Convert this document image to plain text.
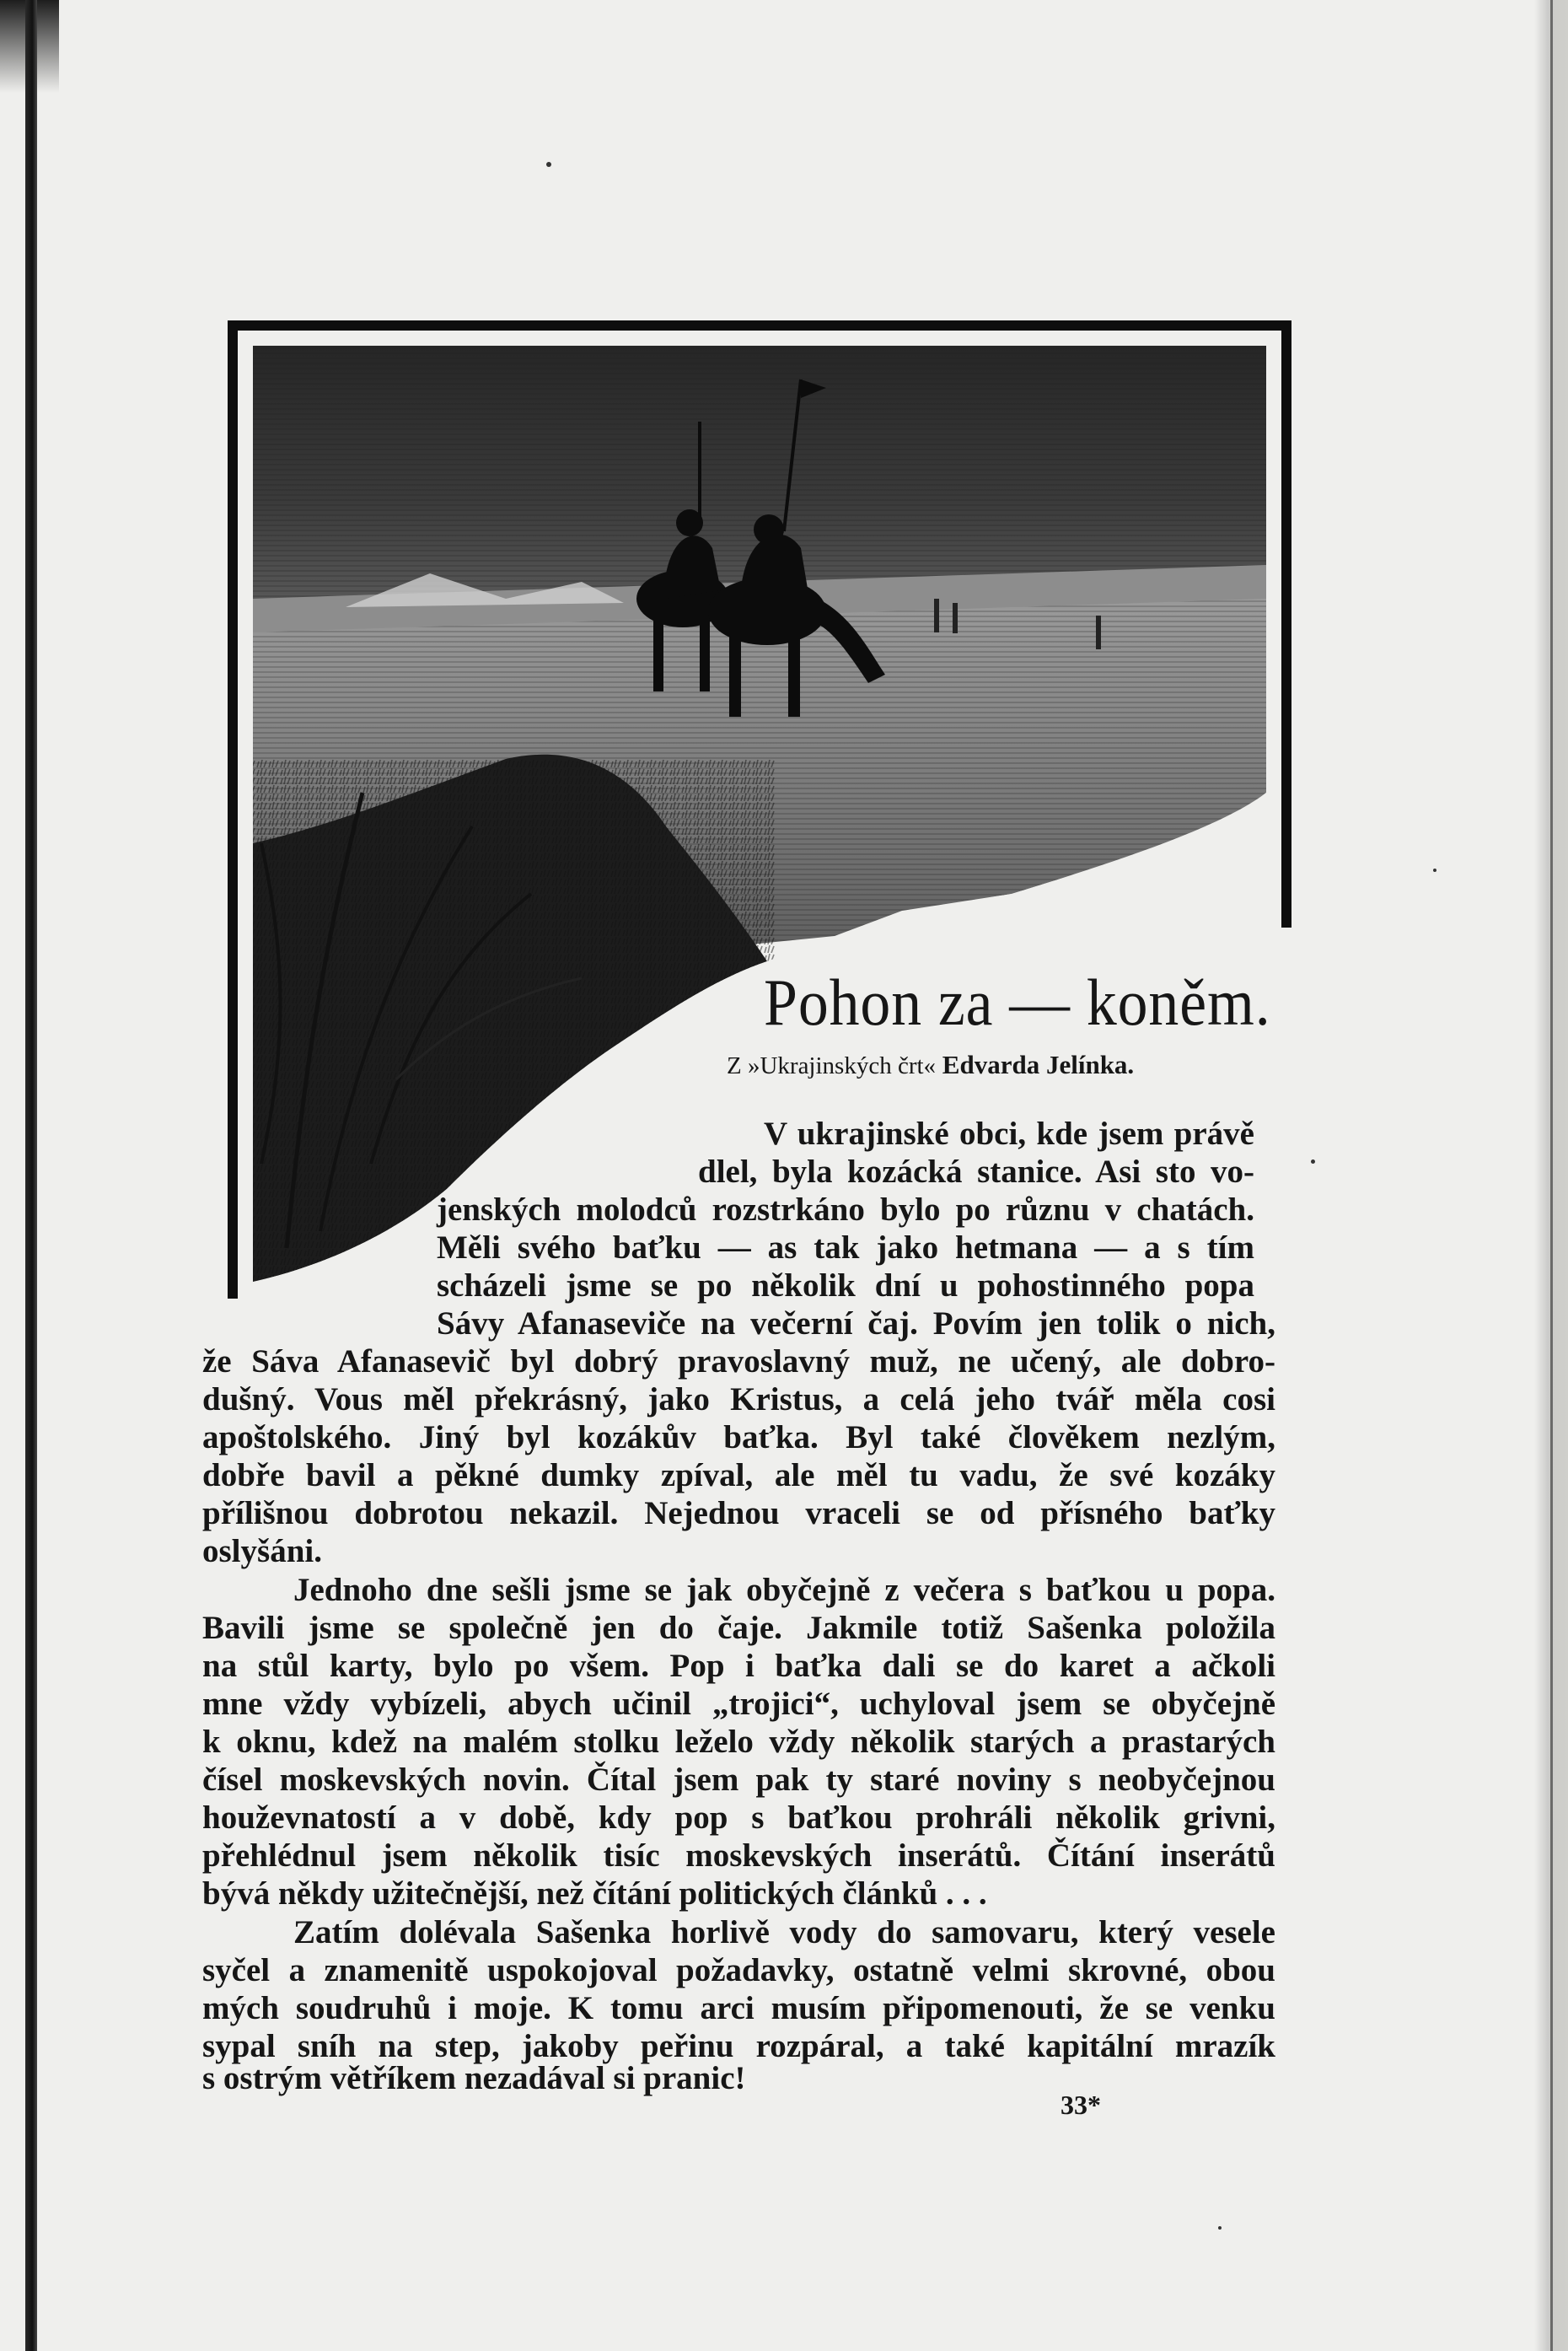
Pohon za — koněm.
Z »Ukrajinských črt« Edvarda Jelínka.
V ukrajinské obci, kde jsem právě
dlel, byla kozácká stanice. Asi sto vo-
jenských molodců rozstrkáno bylo po různu v chatách.
Měli svého baťku — as tak jako hetmana — a s tím
scházeli jsme se po několik dní u pohostinného popa
Sávy Afanaseviče na večerní čaj. Povím jen tolik o nich,
že Sáva Afanasevič byl dobrý pravoslavný muž, ne učený, ale dobro-
dušný. Vous měl překrásný, jako Kristus, a celá jeho tvář měla cosi
apoštolského. Jiný byl kozákův baťka. Byl také člověkem nezlým,
dobře bavil a pěkné dumky zpíval, ale měl tu vadu, že své kozáky
přílišnou dobrotou nekazil. Nejednou vraceli se od přísného baťky
oslyšáni.
Jednoho dne sešli jsme se jak obyčejně z večera s baťkou u popa.
Bavili jsme se společně jen do čaje. Jakmile totiž Sašenka položila
na stůl karty, bylo po všem. Pop i baťka dali se do karet a ačkoli
mne vždy vybízeli, abych učinil „trojici“, uchyloval jsem se obyčejně
k oknu, kdež na malém stolku leželo vždy několik starých a prastarých
čísel moskevských novin. Čítal jsem pak ty staré noviny s neobyčejnou
houževnatostí a v době, kdy pop s baťkou prohráli několik grivni,
přehlédnul jsem několik tisíc moskevských inserátů. Čítání inserátů
bývá někdy užitečnější, než čítání politických článků . . .
Zatím dolévala Sašenka horlivě vody do samovaru, který vesele
syčel a znamenitě uspokojoval požadavky, ostatně velmi skrovné, obou
mých soudruhů i moje. K tomu arci musím připomenouti, že se venku
sypal sníh na step, jakoby peřinu rozpáral, a také kapitální mrazík
s ostrým větříkem nezadával si pranic!
33*
